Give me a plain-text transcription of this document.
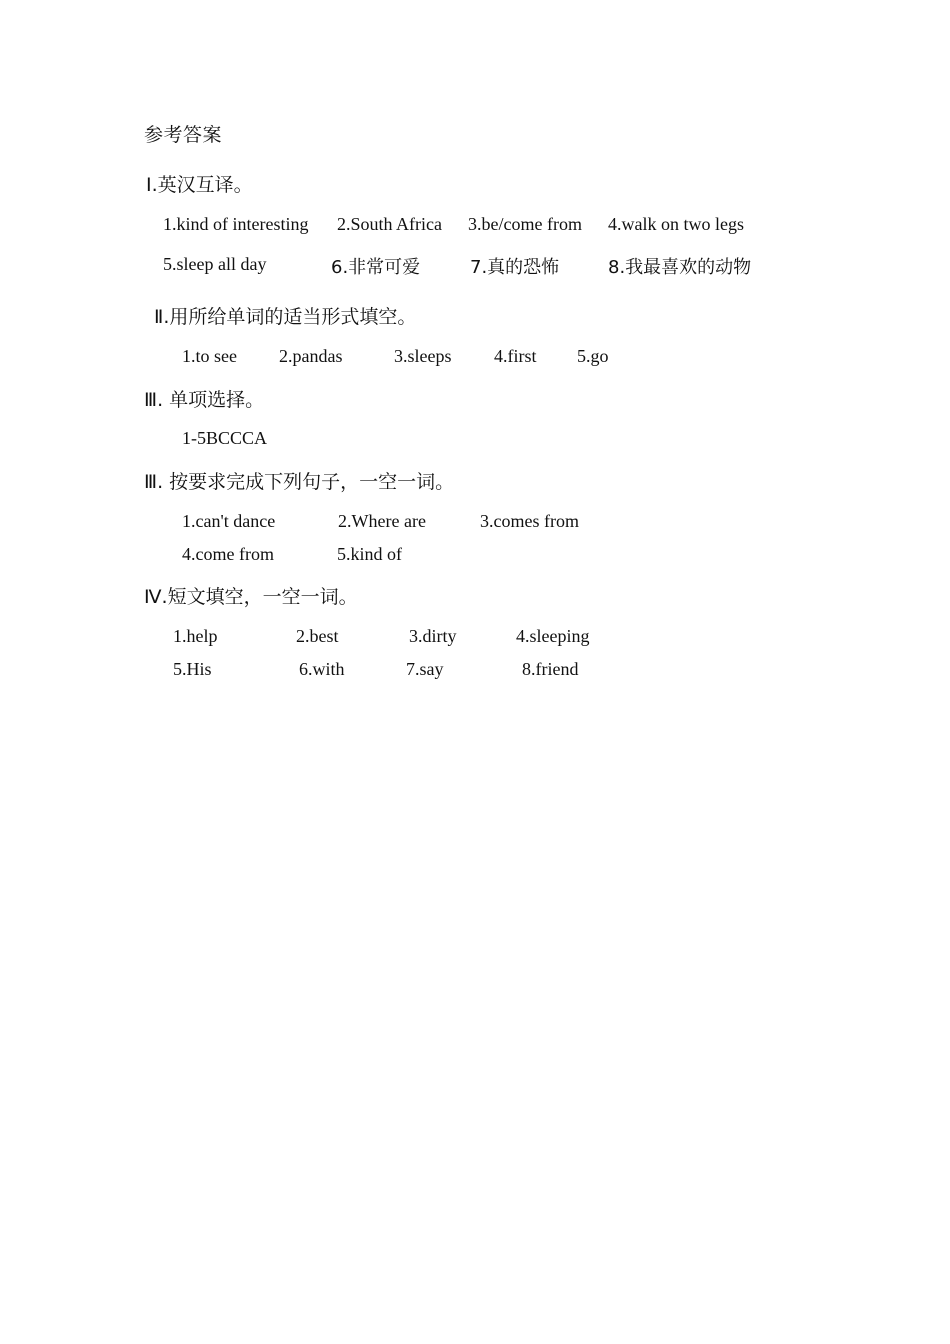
参考答案
Ⅰ.英汉互译。
1.kind of interesting 2.South Africa 3.be/come from 4.walk on two legs
5.sleep all day	6.非常可爱	7.真的恐怖	8.我最喜欢的动物
Ⅱ.用所给单词的适当形式填空。
1.to see 2.pandas	3.sleeps 4.first 5.go
Ⅲ. 单项选择。
1-5BCCCA
Ⅲ. 按要求完成下列句子，一空一词。
1.can't dance	2.Where are	3.comes from
4.come from	5.kind of
Ⅳ.短文填空，一空一词。
1.help	2.best	3.dirty	4.sleeping
5.His	6.with	7.say	8.friend
